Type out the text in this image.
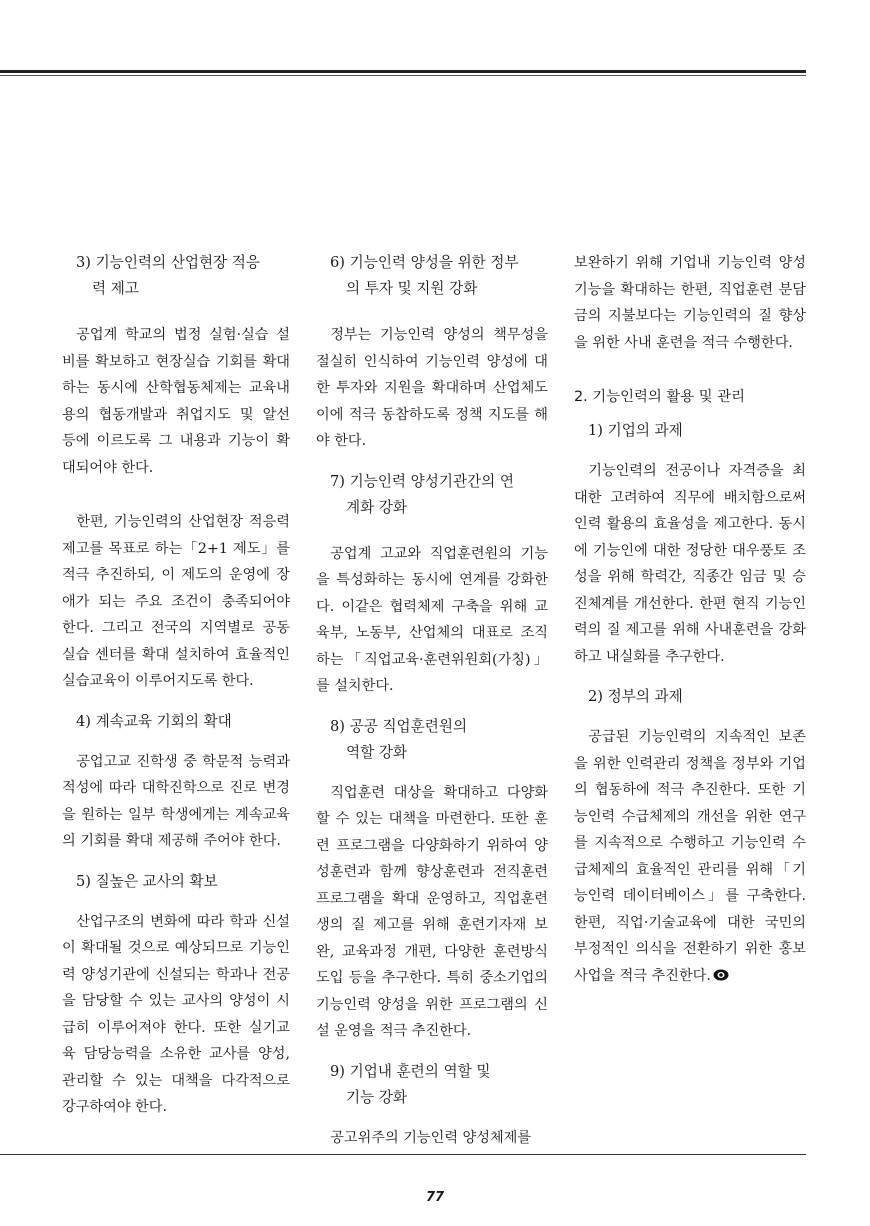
3) 기능인력의 산업현장 적응
력 제고

공업계 학교의 법정 실험·실습 설비를 확보하고 현장실습 기회를 확대하는 동시에 산학협동체제는 교육내용의 협동개발과 취업지도 및 알선 등에 이르도록 그 내용과 기능이 확대되어야 한다.

한편, 기능인력의 산업현장 적응력 제고를 목표로 하는「2+1 제도」를 적극 추진하되, 이 제도의 운영에 장애가 되는 주요 조건이 충족되어야 한다. 그리고 전국의 지역별로 공동실습 센터를 확대 설치하여 효율적인 실습교육이 이루어지도록 한다.

4) 계속교육 기회의 확대

공업고교 진학생 중 학문적 능력과 적성에 따라 대학진학으로 진로 변경을 원하는 일부 학생에게는 계속교육의 기회를 확대 제공해 주어야 한다.

5) 질높은 교사의 확보

산업구조의 변화에 따라 학과 신설이 확대될 것으로 예상되므로 기능인력 양성기관에 신설되는 학과나 전공을 담당할 수 있는 교사의 양성이 시급히 이루어져야 한다. 또한 실기교육 담당능력을 소유한 교사를 양성, 관리할 수 있는 대책을 다각적으로 강구하여야 한다.

6) 기능인력 양성을 위한 정부
의 투자 및 지원 강화

정부는 기능인력 양성의 책무성을 절실히 인식하여 기능인력 양성에 대한 투자와 지원을 확대하며 산업체도 이에 적극 동참하도록 정책 지도를 해야 한다.

7) 기능인력 양성기관간의 연
계화 강화

공업계 고교와 직업훈련원의 기능을 특성화하는 동시에 연계를 강화한다. 이같은 협력체제 구축을 위해 교육부, 노동부, 산업체의 대표로 조직하는「직업교육·훈련위원회(가칭)」를 설치한다.

8) 공공 직업훈련원의
역할 강화

직업훈련 대상을 확대하고 다양화할 수 있는 대책을 마련한다. 또한 훈련 프로그램을 다양화하기 위하여 양성훈련과 함께 향상훈련과 전직훈련 프로그램을 확대 운영하고, 직업훈련생의 질 제고를 위해 훈련기자재 보완, 교육과정 개편, 다양한 훈련방식 도입 등을 추구한다. 특히 중소기업의 기능인력 양성을 위한 프로그램의 신설 운영을 적극 추진한다.

9) 기업내 훈련의 역할 및
기능 강화

공고위주의 기능인력 양성체제를

보완하기 위해 기업내 기능인력 양성기능을 확대하는 한편, 직업훈련 분담금의 지불보다는 기능인력의 질 향상을 위한 사내 훈련을 적극 수행한다.

2. 기능인력의 활용 및 관리
1) 기업의 과제

기능인력의 전공이나 자격증을 최대한 고려하여 직무에 배치함으로써 인력 활용의 효율성을 제고한다. 동시에 기능인에 대한 정당한 대우풍토 조성을 위해 학력간, 직종간 임금 및 승진체계를 개선한다. 한편 현직 기능인력의 질 제고를 위해 사내훈련을 강화하고 내실화를 추구한다.

2) 정부의 과제

공급된 기능인력의 지속적인 보존을 위한 인력관리 정책을 정부와 기업의 협동하에 적극 추진한다. 또한 기능인력 수급체제의 개선을 위한 연구를 지속적으로 수행하고 기능인력 수급체제의 효율적인 관리를 위해「기능인력 데이터베이스」를 구축한다. 한편, 직업·기술교육에 대한 국민의 부정적인 의식을 전환하기 위한 홍보사업을 적극 추진한다.

77
